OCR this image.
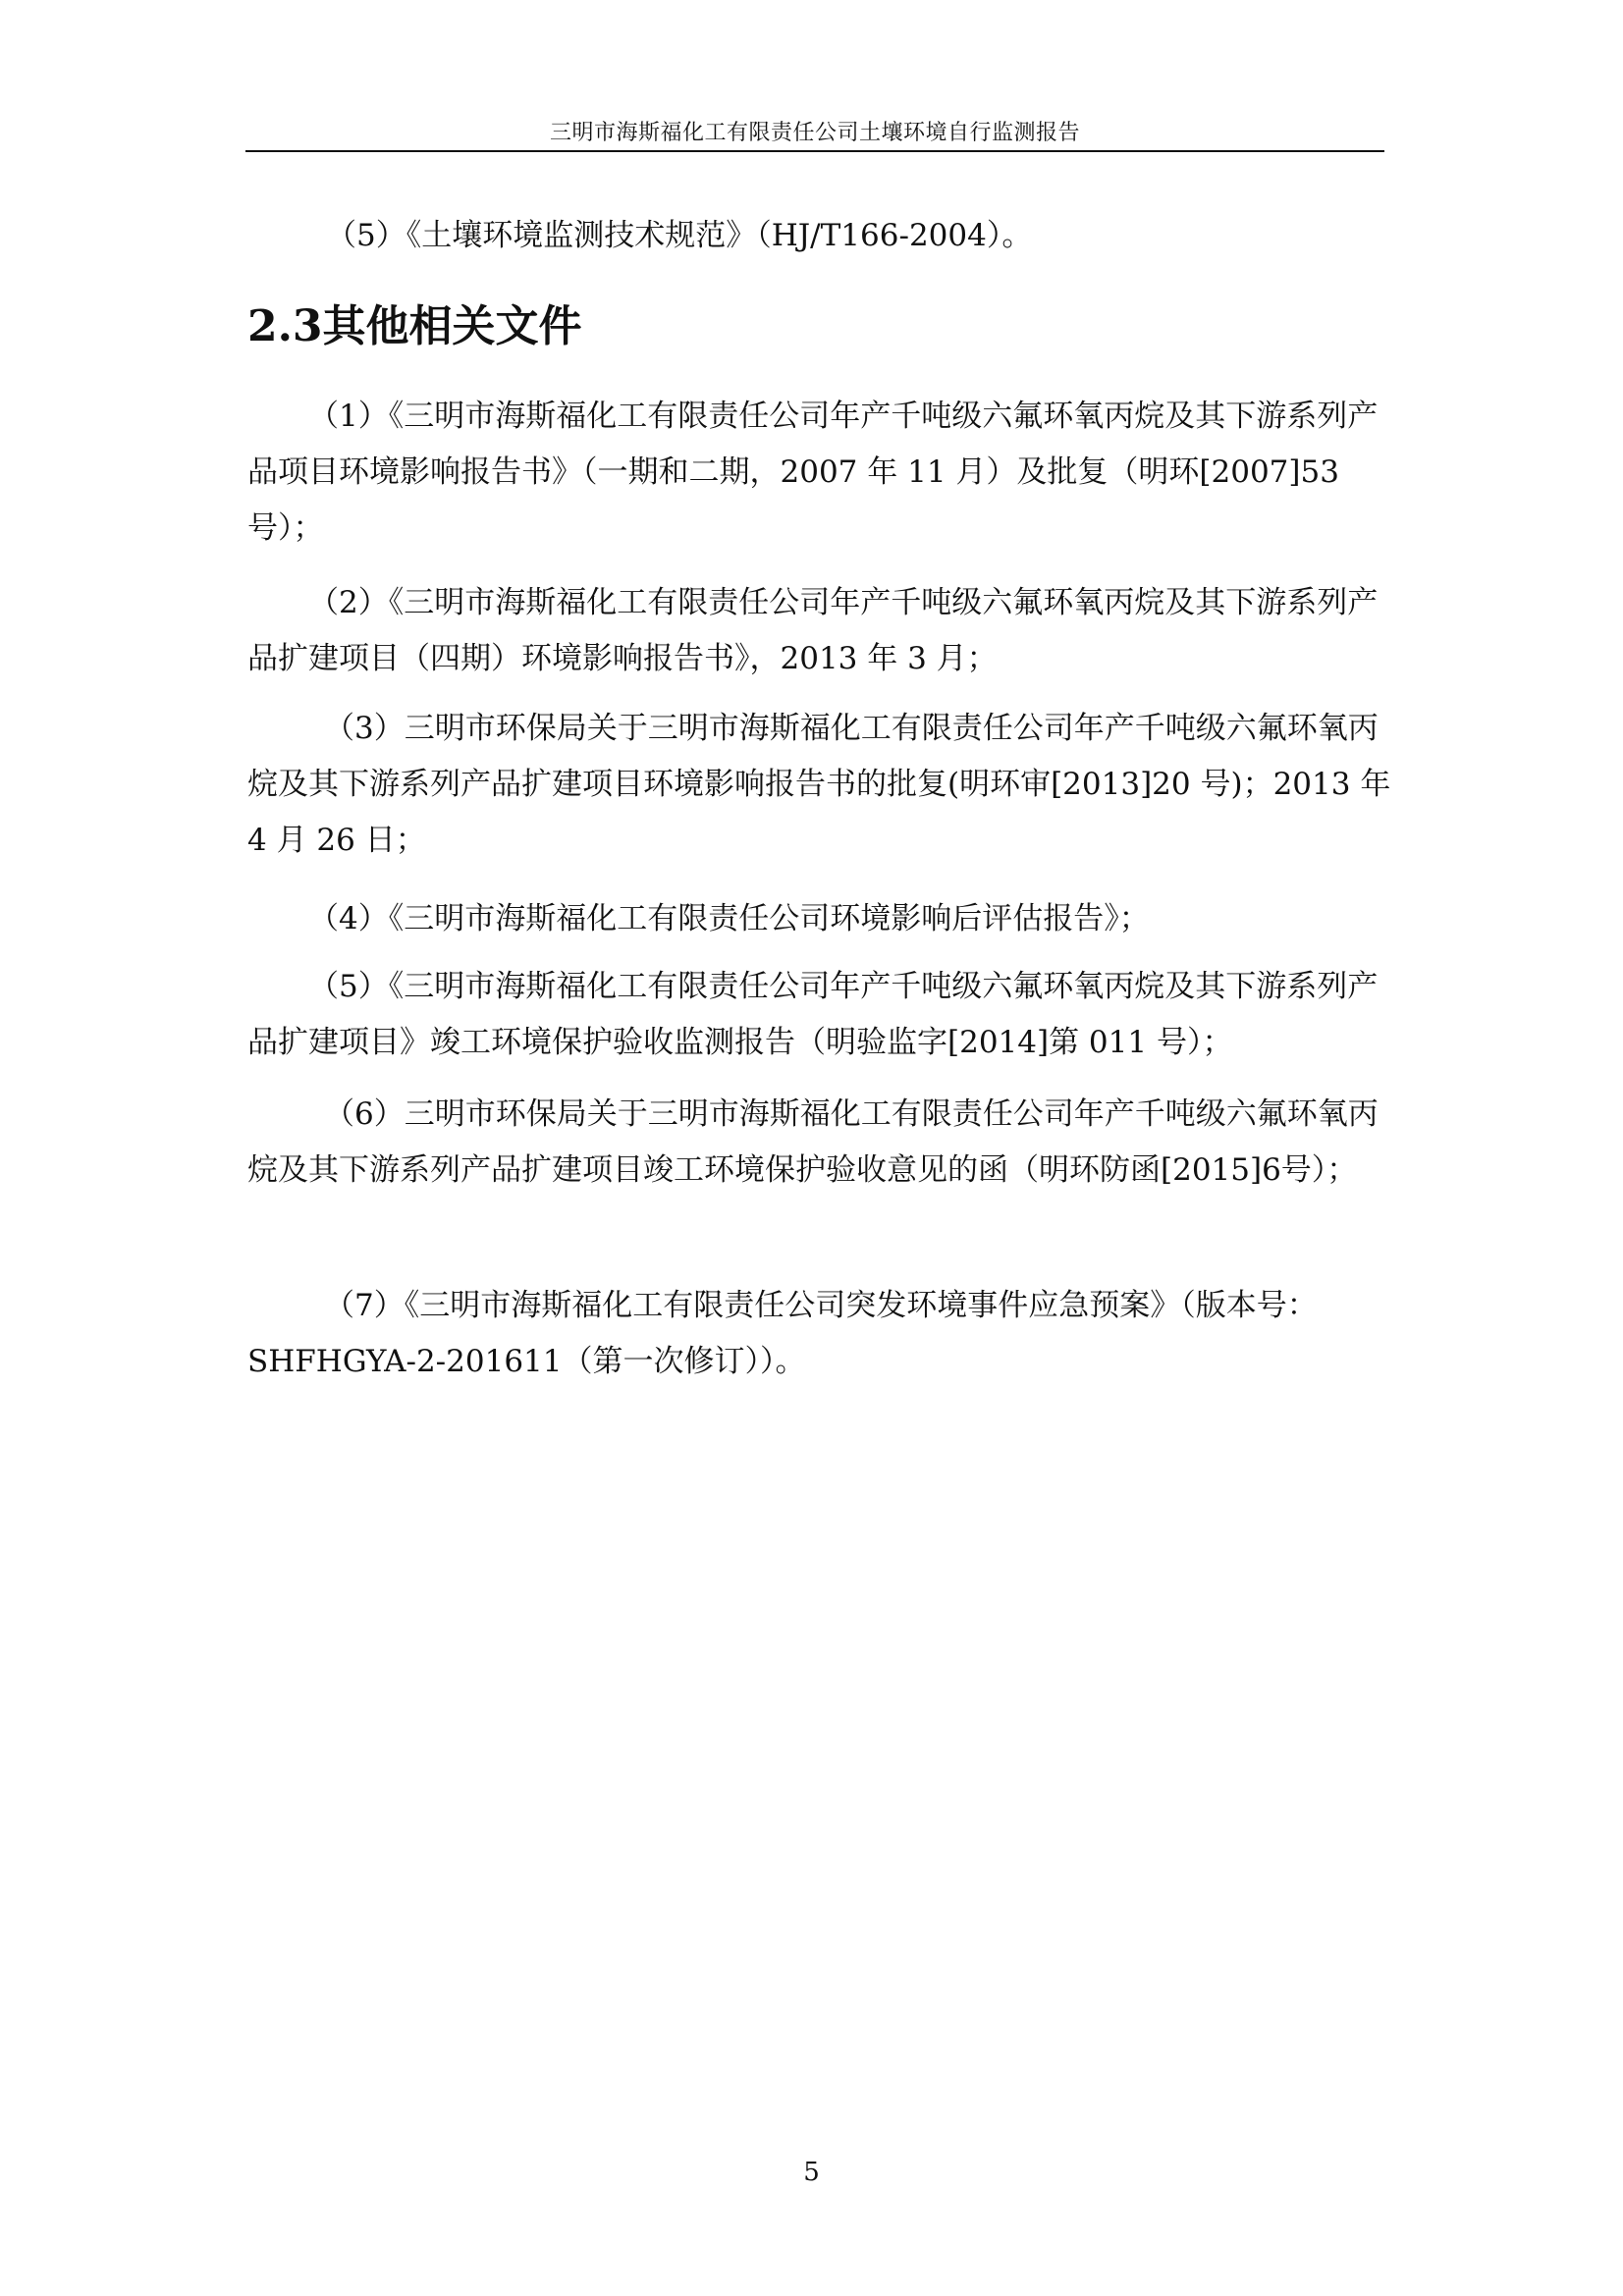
三明市海斯福化工有限责任公司土壤环境自行监测报告

（5）《土壤环境监测技术规范》（HJ/T166-2004）。

2.3其他相关文件

（1）《三明市海斯福化工有限责任公司年产千吨级六氟环氧丙烷及其下游系列产品项目环境影响报告书》（一期和二期，2007 年 11 月）及批复（明环[2007]53号）；

（2）《三明市海斯福化工有限责任公司年产千吨级六氟环氧丙烷及其下游系列产品扩建项目（四期）环境影响报告书》，2013 年 3 月；

（3）三明市环保局关于三明市海斯福化工有限责任公司年产千吨级六氟环氧丙烷及其下游系列产品扩建项目环境影响报告书的批复(明环审[2013]20 号)；2013 年 4 月 26 日；

（4）《三明市海斯福化工有限责任公司环境影响后评估报告》；

（5）《三明市海斯福化工有限责任公司年产千吨级六氟环氧丙烷及其下游系列产品扩建项目》竣工环境保护验收监测报告（明验监字[2014]第 011 号）；

（6）三明市环保局关于三明市海斯福化工有限责任公司年产千吨级六氟环氧丙烷及其下游系列产品扩建项目竣工环境保护验收意见的函（明环防函[2015]6号）；

（7）《三明市海斯福化工有限责任公司突发环境事件应急预案》（版本号：SHFHGYA-2-201611（第一次修订））。

5
